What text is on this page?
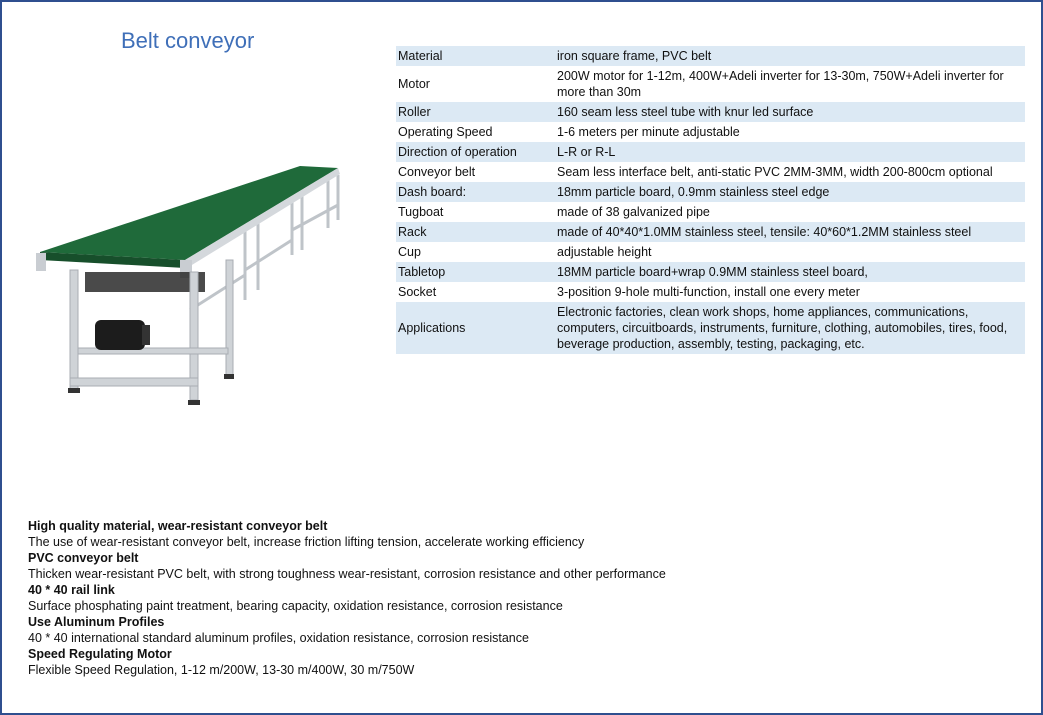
Belt conveyor
Material	iron square frame, PVC belt
Motor	200W motor for 1-12m, 400W+Adeli inverter for 13-30m, 750W+Adeli inverter for more than 30m
Roller	160 seam less steel tube with knur led surface
Operating Speed	1-6 meters per minute adjustable
Direction of operation	L-R or R-L
Conveyor belt	Seam less interface belt, anti-static PVC 2MM-3MM, width 200-800cm optional
Dash board:	18mm particle board, 0.9mm stainless steel edge
Tugboat	made of 38 galvanized pipe
Rack	made of 40*40*1.0MM stainless steel, tensile: 40*60*1.2MM stainless steel
Cup	adjustable height
Tabletop	18MM particle board+wrap 0.9MM stainless steel board,
Socket	3-position 9-hole multi-function, install one every meter
Applications	Electronic factories, clean work shops, home appliances, communications, computers, circuitboards, instruments, furniture, clothing, automobiles, tires, food, beverage production, assembly, testing, packaging, etc.
High quality material, wear-resistant conveyor belt
The use of wear-resistant conveyor belt, increase friction lifting tension, accelerate working efficiency
PVC conveyor belt
Thicken wear-resistant PVC belt, with strong toughness wear-resistant, corrosion resistance and other performance
40 * 40 rail link
Surface phosphating paint treatment, bearing capacity, oxidation resistance, corrosion resistance
Use Aluminum Profiles
40 * 40 international standard aluminum profiles, oxidation resistance, corrosion resistance
Speed Regulating Motor
Flexible Speed Regulation, 1-12 m/200W, 13-30 m/400W, 30 m/750W
